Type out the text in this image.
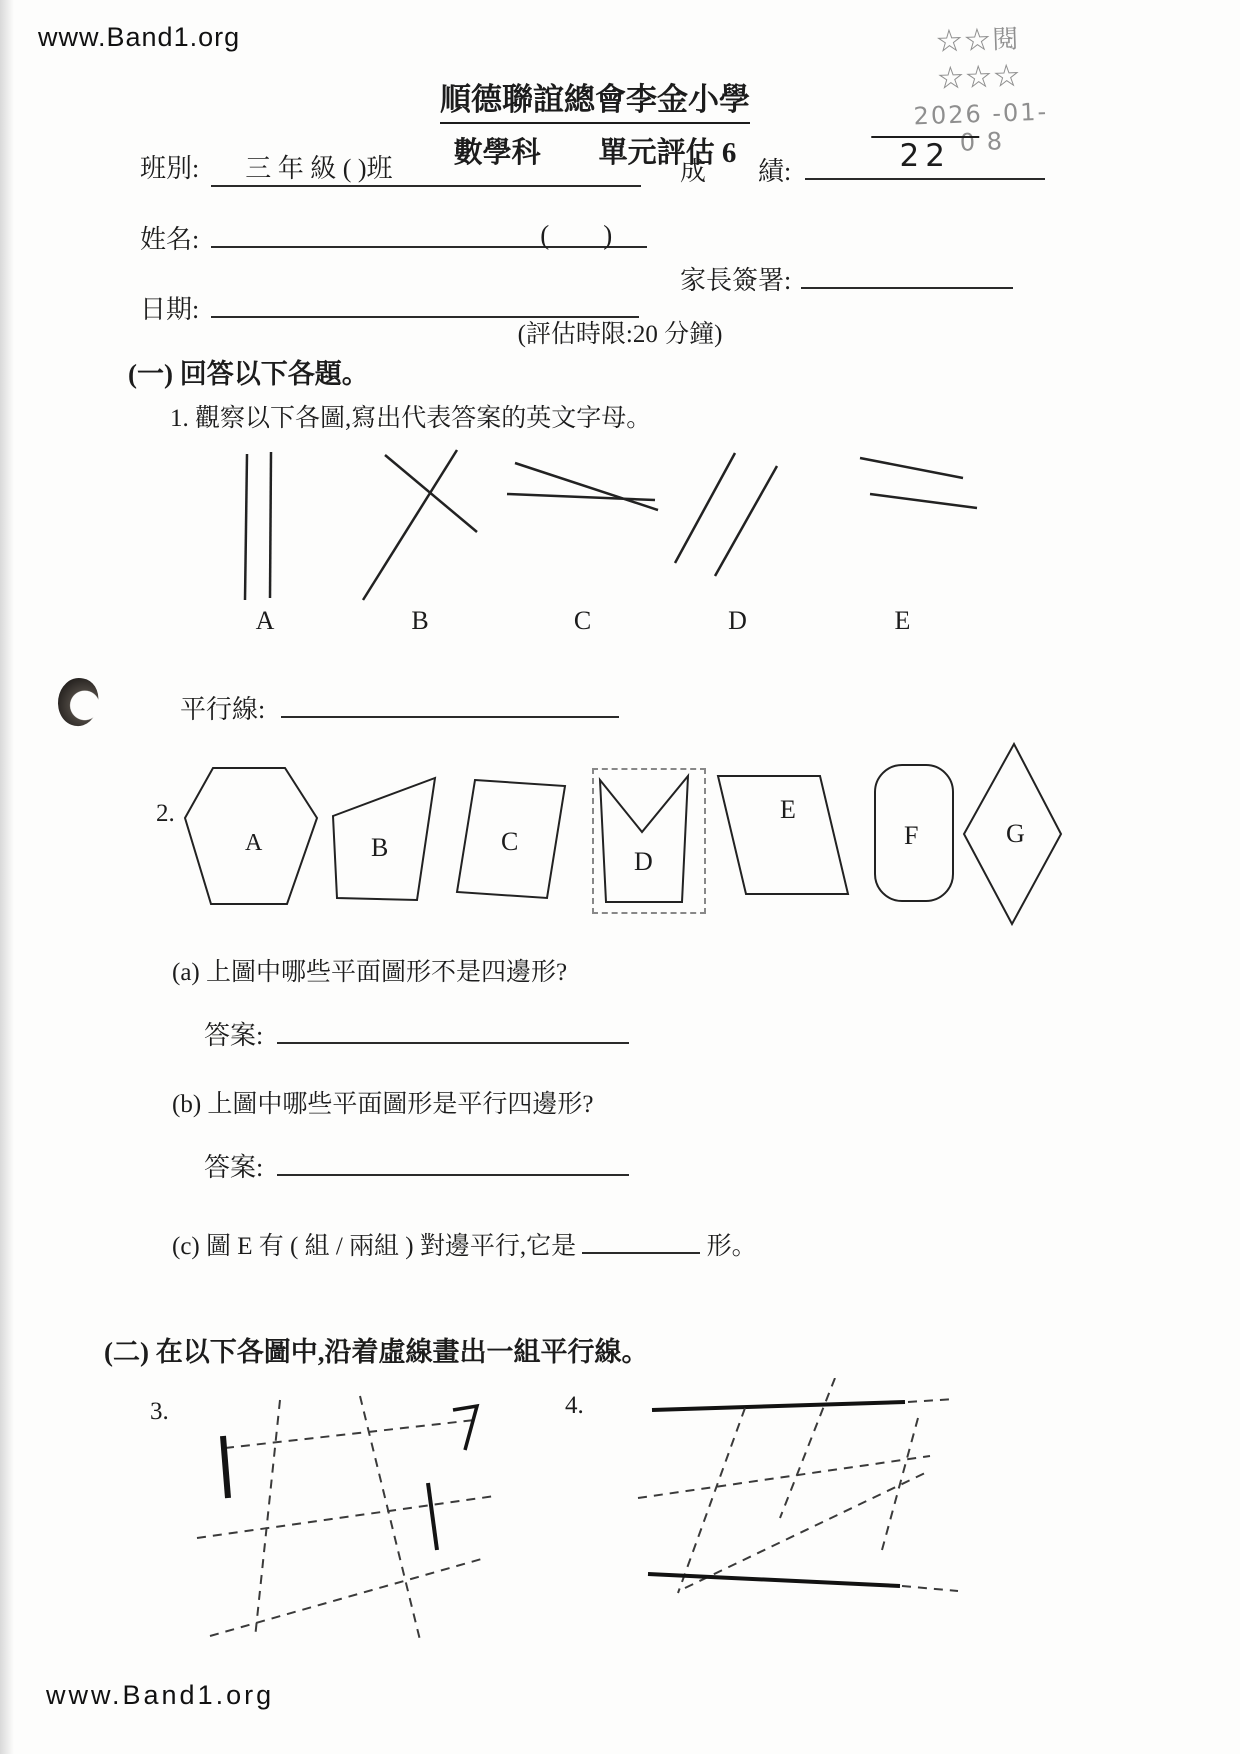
www.Band1.org	☆☆閱☆☆☆
2026 -01- 0 8
順德聯誼總會李金小學
數學科　　單元評估 6
班別: 三 年 級 ( )班	成　　績:	22
姓名:	(　　)
家長簽署:
日期:
(評估時限:20 分鐘)
(一) 回答以下各題。
1. 觀察以下各圖,寫出代表答案的英文字母。
A	B	C	D	E
平行線:
2.
A	B	C
D
E
F	G
(a) 上圖中哪些平面圖形不是四邊形?
答案:
(b) 上圖中哪些平面圖形是平行四邊形?
答案:
(c) 圖 E 有 ( 組 / 兩組 ) 對邊平行,它是	形。
(二) 在以下各圖中,沿着虛線畫出一組平行線。
3.	4.
www.Band1.org
